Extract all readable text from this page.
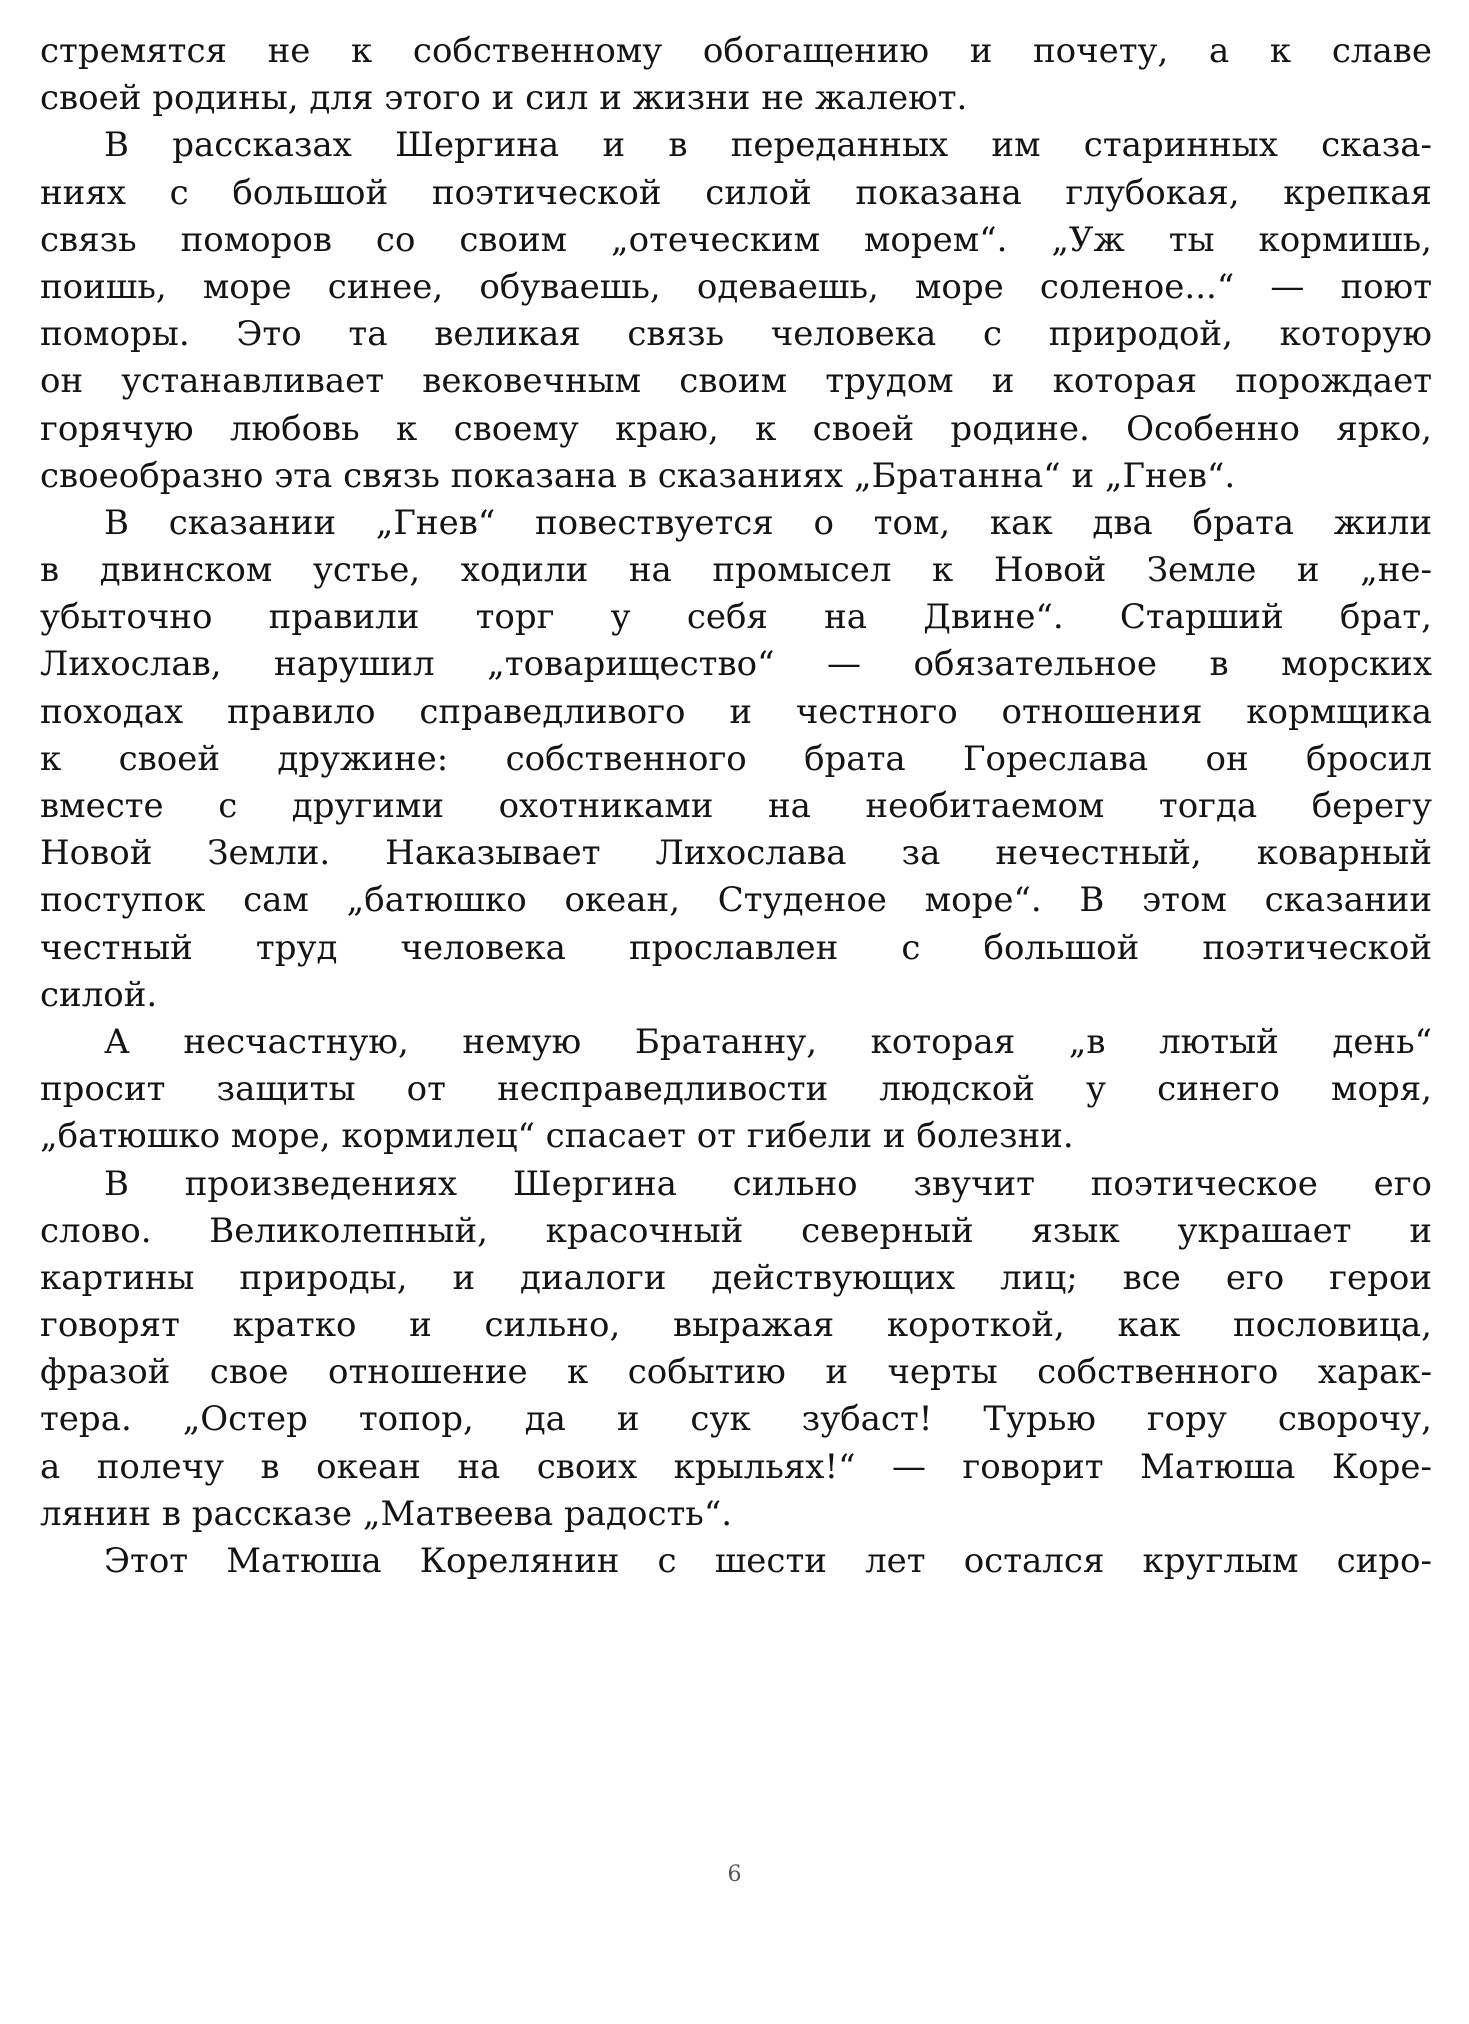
стремятся не к собственному обогащению и почету, а к славе
своей родины, для этого и сил и жизни не жалеют.
В рассказах Шергина и в переданных им старинных сказа-
ниях с большой поэтической силой показана глубокая, крепкая
связь поморов со своим „отеческим морем“. „Уж ты кормишь,
поишь, море синее, обуваешь, одеваешь, море соленое...“ — поют
поморы. Это та великая связь человека с природой, которую
он устанавливает вековечным своим трудом и которая порождает
горячую любовь к своему краю, к своей родине. Особенно ярко,
своеобразно эта связь показана в сказаниях „Братанна“ и „Гнев“.
В сказании „Гнев“ повествуется о том, как два брата жили
в двинском устье, ходили на промысел к Новой Земле и „не-
убыточно правили торг у себя на Двине“. Старший брат,
Лихослав, нарушил „товарищество“ — обязательное в морских
походах правило справедливого и честного отношения кормщика
к своей дружине: собственного брата Горeслава он бросил
вместе с другими охотниками на необитаемом тогда берегу
Новой Земли. Наказывает Лихослава за нечестный, коварный
поступок сам „батюшко океан, Студеное море“. В этом сказании
честный труд человека прославлен с большой поэтической
силой.
А несчастную, немую Братанну, которая „в лютый день“
просит защиты от несправедливости людской у синего моря,
„батюшко море, кормилец“ спасает от гибели и болезни.
В произведениях Шергина сильно звучит поэтическое его
слово. Великолепный, красочный северный язык украшает и
картины природы, и диалоги действующих лиц; все его герои
говорят кратко и сильно, выражая короткой, как пословица,
фразой свое отношение к событию и черты собственного харак-
тера. „Остер топор, да и сук зубаст! Турью гору сворочу,
а полечу в океан на своих крыльях!“ — говорит Матюша Коре-
лянин в рассказе „Матвеева радость“.
Этот Матюша Корелянин с шести лет остался круглым сиро-
6
